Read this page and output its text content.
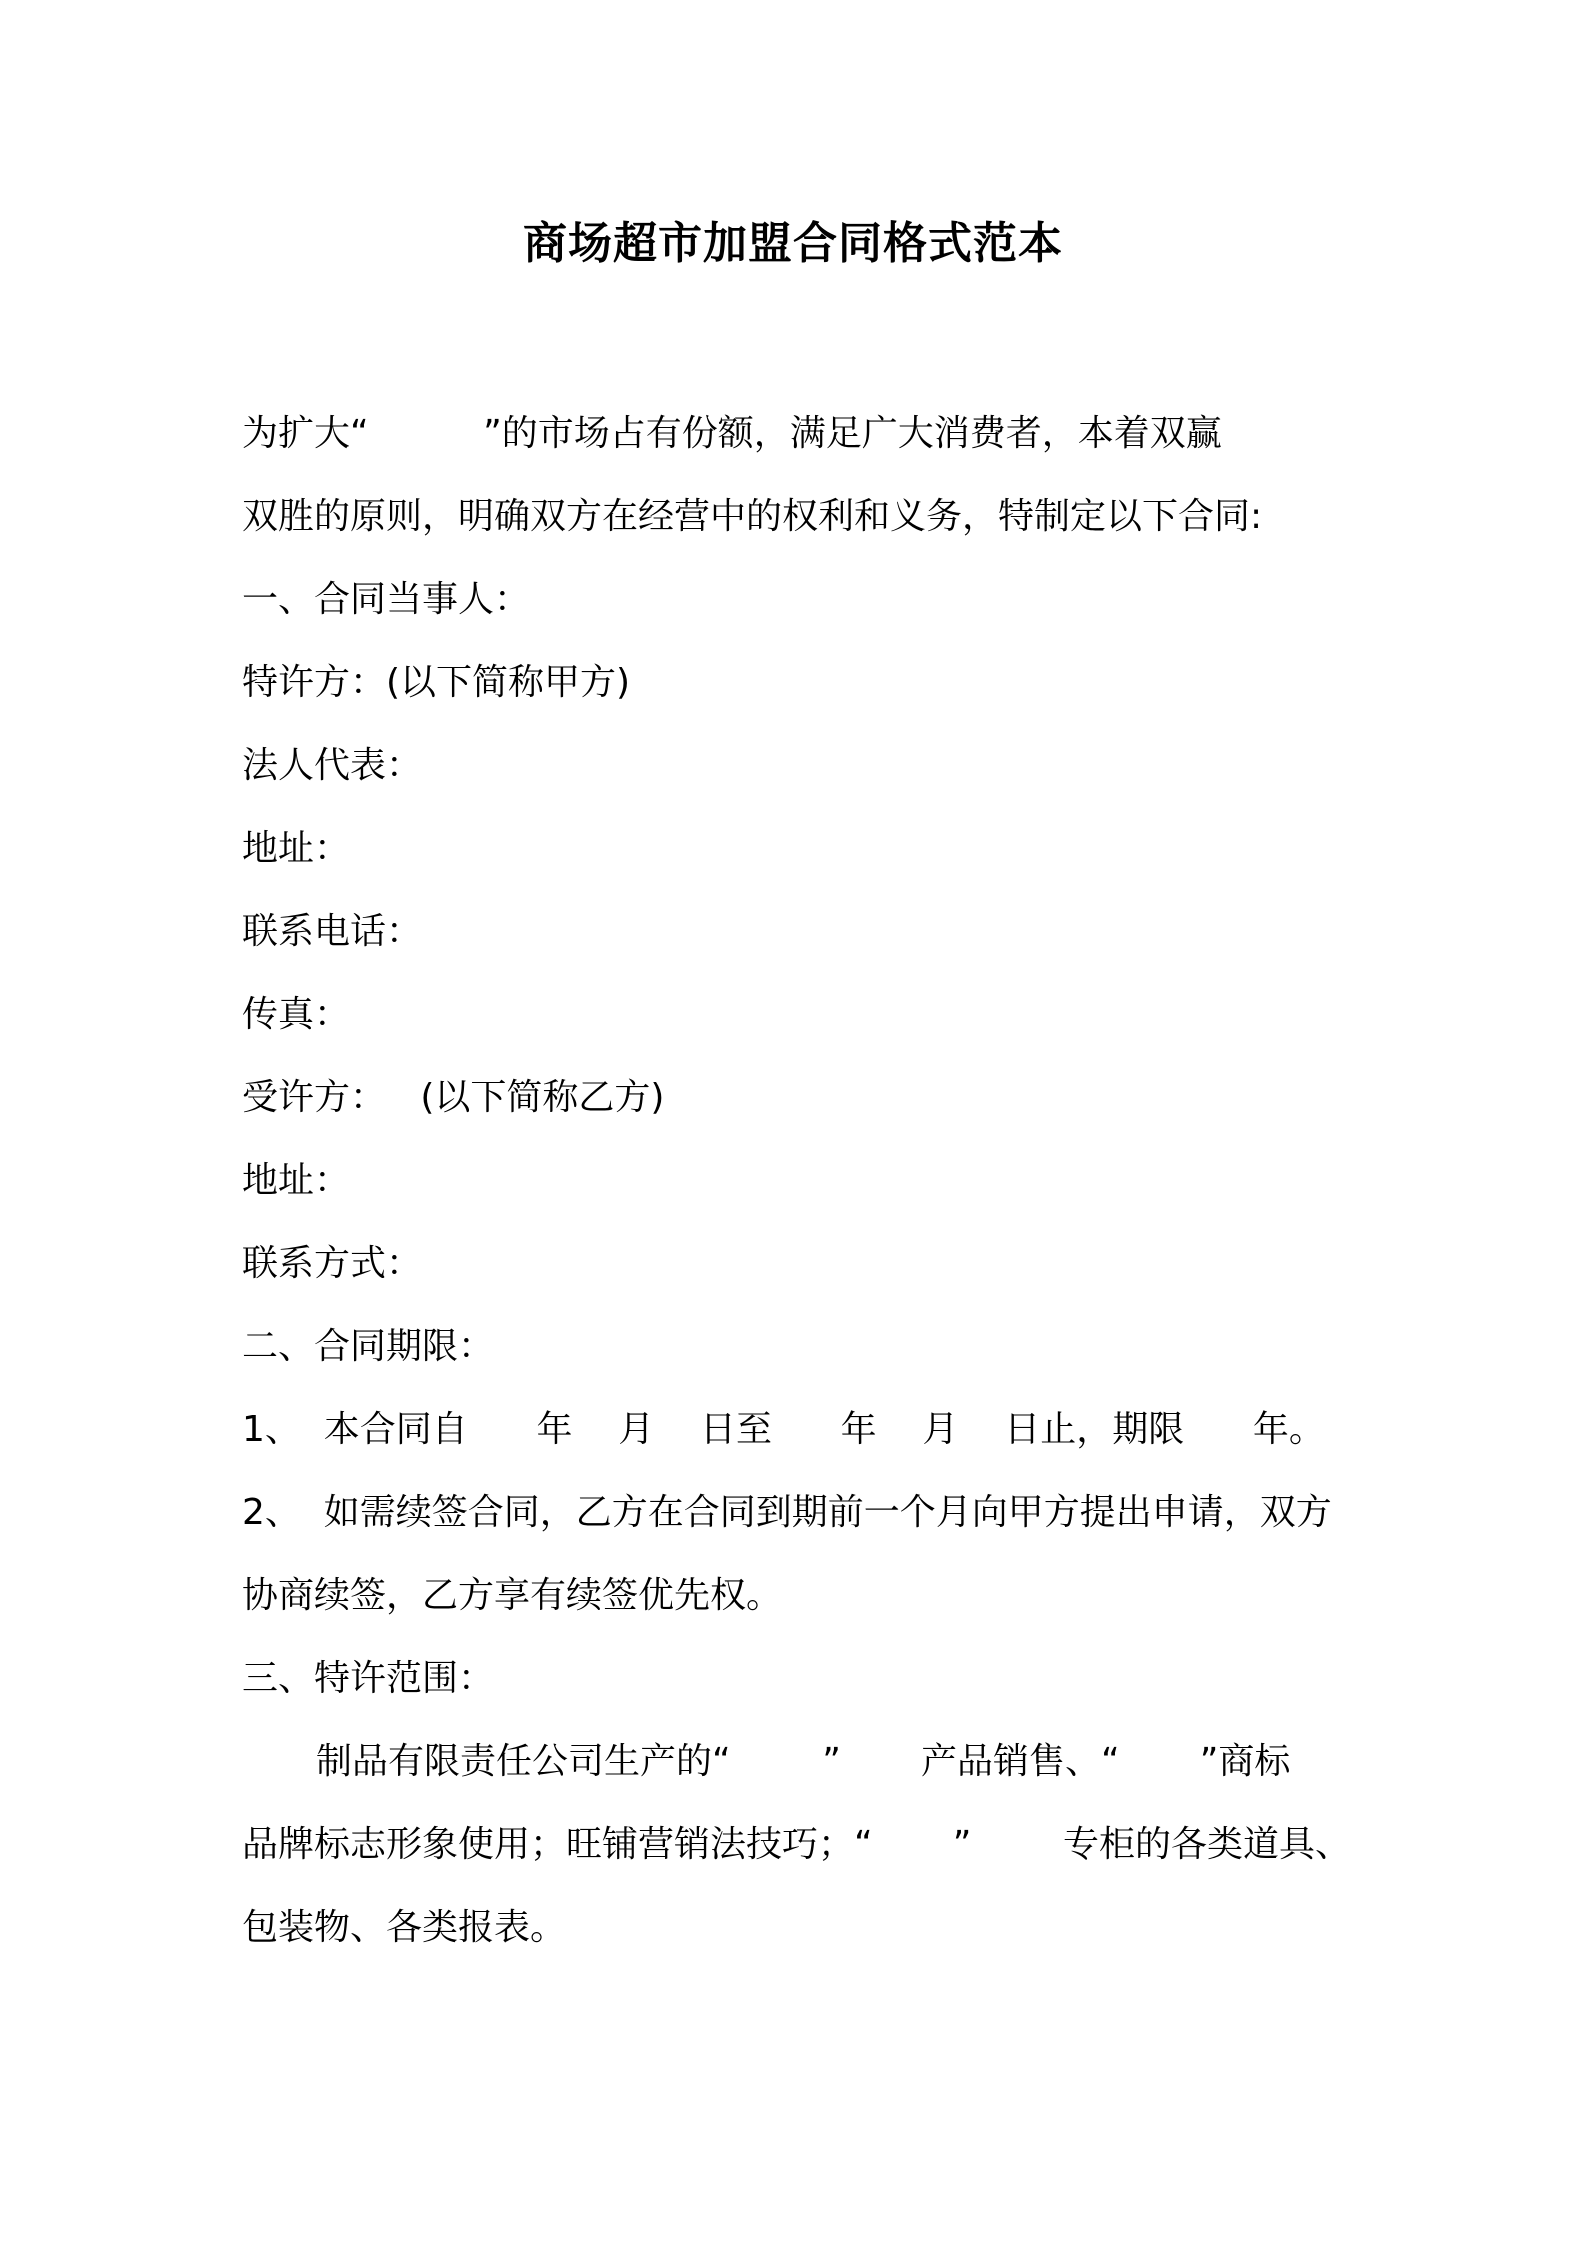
商场超市加盟合同格式范本
为扩大“          ”的市场占有份额，满足广大消费者，本着双赢
双胜的原则，明确双方在经营中的权利和义务，特制定以下合同:
一、合同当事人：
特许方：(以下简称甲方)
法人代表：
地址：
联系电话：
传真：
受许方：   (以下简称乙方)
地址：
联系方式：
二、合同期限：
1、  本合同自      年    月    日至      年    月    日止，期限      年。
2、  如需续签合同，乙方在合同到期前一个月向甲方提出申请，双方
协商续签，乙方享有续签优先权。
三、特许范围：
制品有限责任公司生产的“        ”       产品销售、“       ”商标
品牌标志形象使用；旺铺营销法技巧；“       ”        专柜的各类道具、
包装物、各类报表。
